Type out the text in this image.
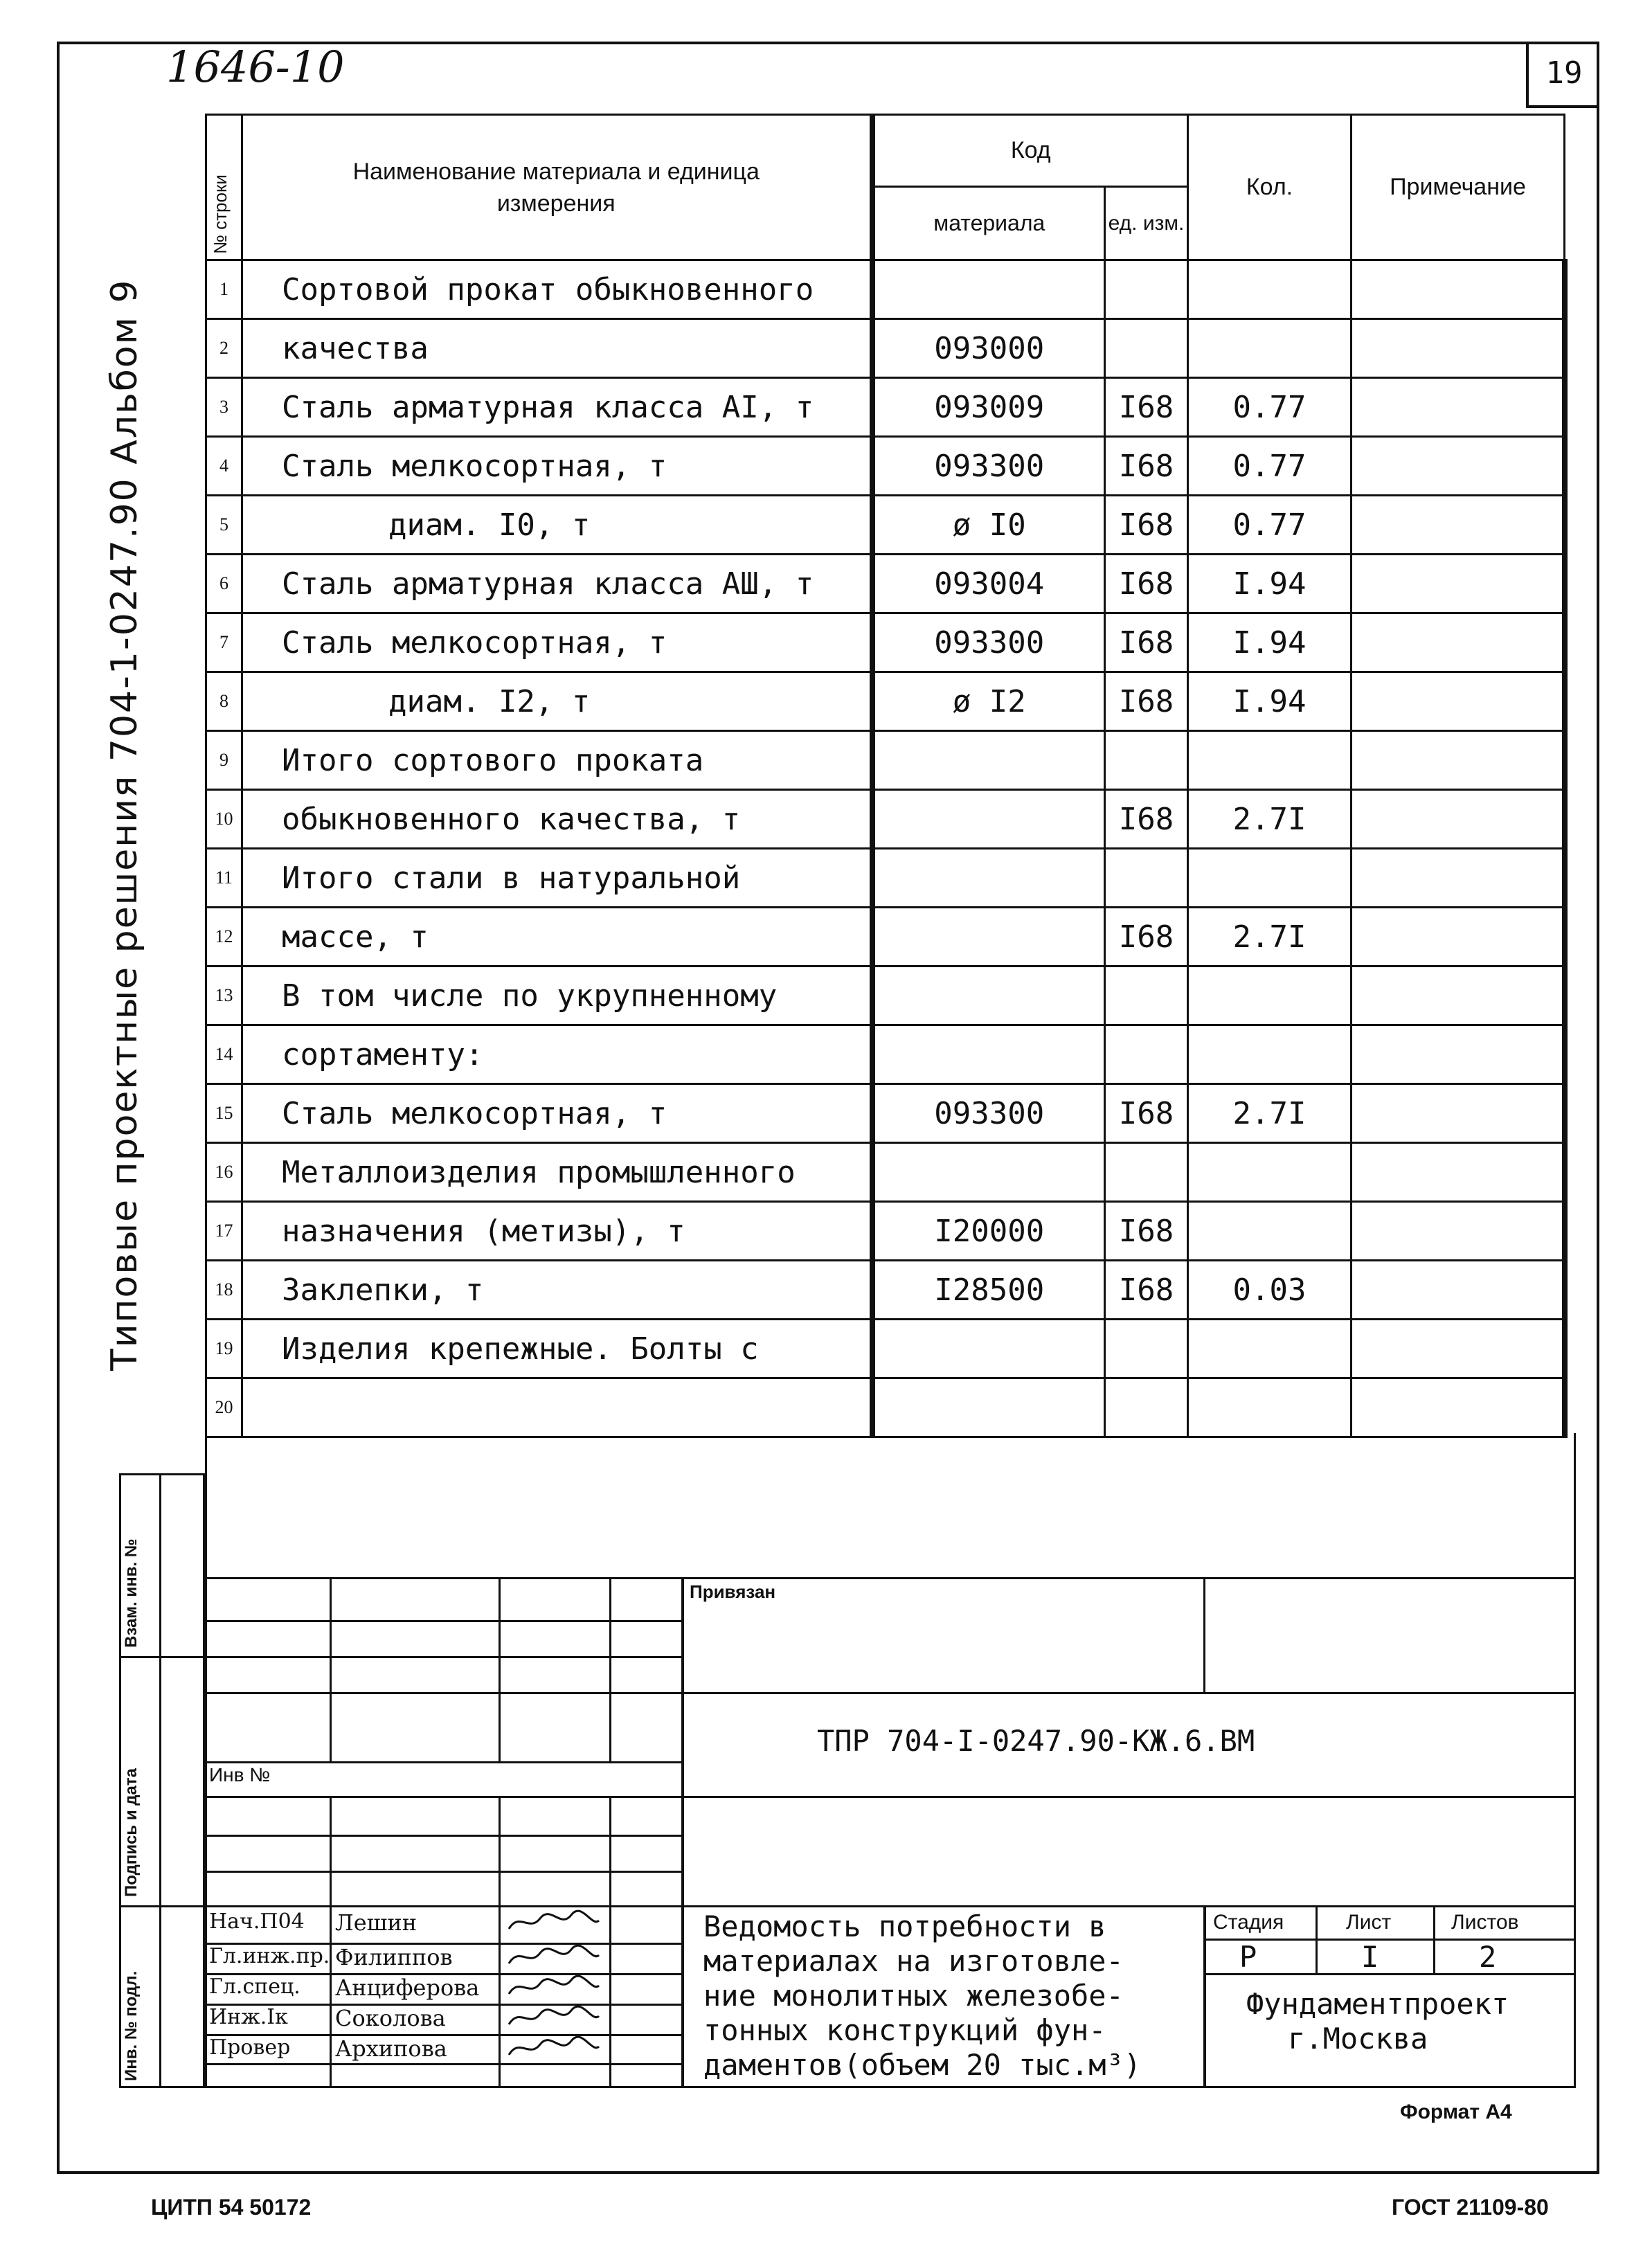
1646-10	19
Типовые проектные решения 704-1-0247.90 Альбом 9
№ строки	Наименование материала и единица измерения	Код		Кол.	Примечание
		материала	ед. изм.		
1	Сортовой прокат обыкновенного				
2	качества	093000			
3	Сталь арматурная класса АI, т	093009	I68	0.77	
4	Сталь мелкосортная, т	093300	I68	0.77	
5	диам. I0, т	ø I0	I68	0.77	
6	Сталь арматурная класса АШ, т	093004	I68	I.94	
7	Сталь мелкосортная, т	093300	I68	I.94	
8	диам. I2, т	ø I2	I68	I.94	
9	Итого сортового проката				
10	обыкновенного качества, т		I68	2.7I	
11	Итого стали в натуральной				
12	массе, т		I68	2.7I	
13	В том числе по укрупненному				
14	сортаменту:				
15	Сталь мелкосортная, т	093300	I68	2.7I	
16	Металлоизделия промышленного				
17	назначения (метизы), т	I20000	I68		
18	Заклепки, т	I28500	I68	0.03	
19	Изделия крепежные. Болты с				
20					
Взам. инв. №
Подпись и дата
Инв. № подл.
Инв №
Привязан
ТПР 704-I-0247.90-КЖ.6.ВМ
Стадия	Лист	Листов
Р	I	2
Фундаментпроект
г.Москва
Ведомость потребности в
материалах на изготовле-
ние монолитных железобе-
тонных конструкций фун-
даментов(объем 20 тыс.м³)
Нач.П04 Лешин
Гл.инж.пр. Филиппов
Гл.спец. Анциферова
Инж.Iк Соколова
Провер Архипова
Формат А4
ЦИТП 54 50172	ГОСТ 21109-80
